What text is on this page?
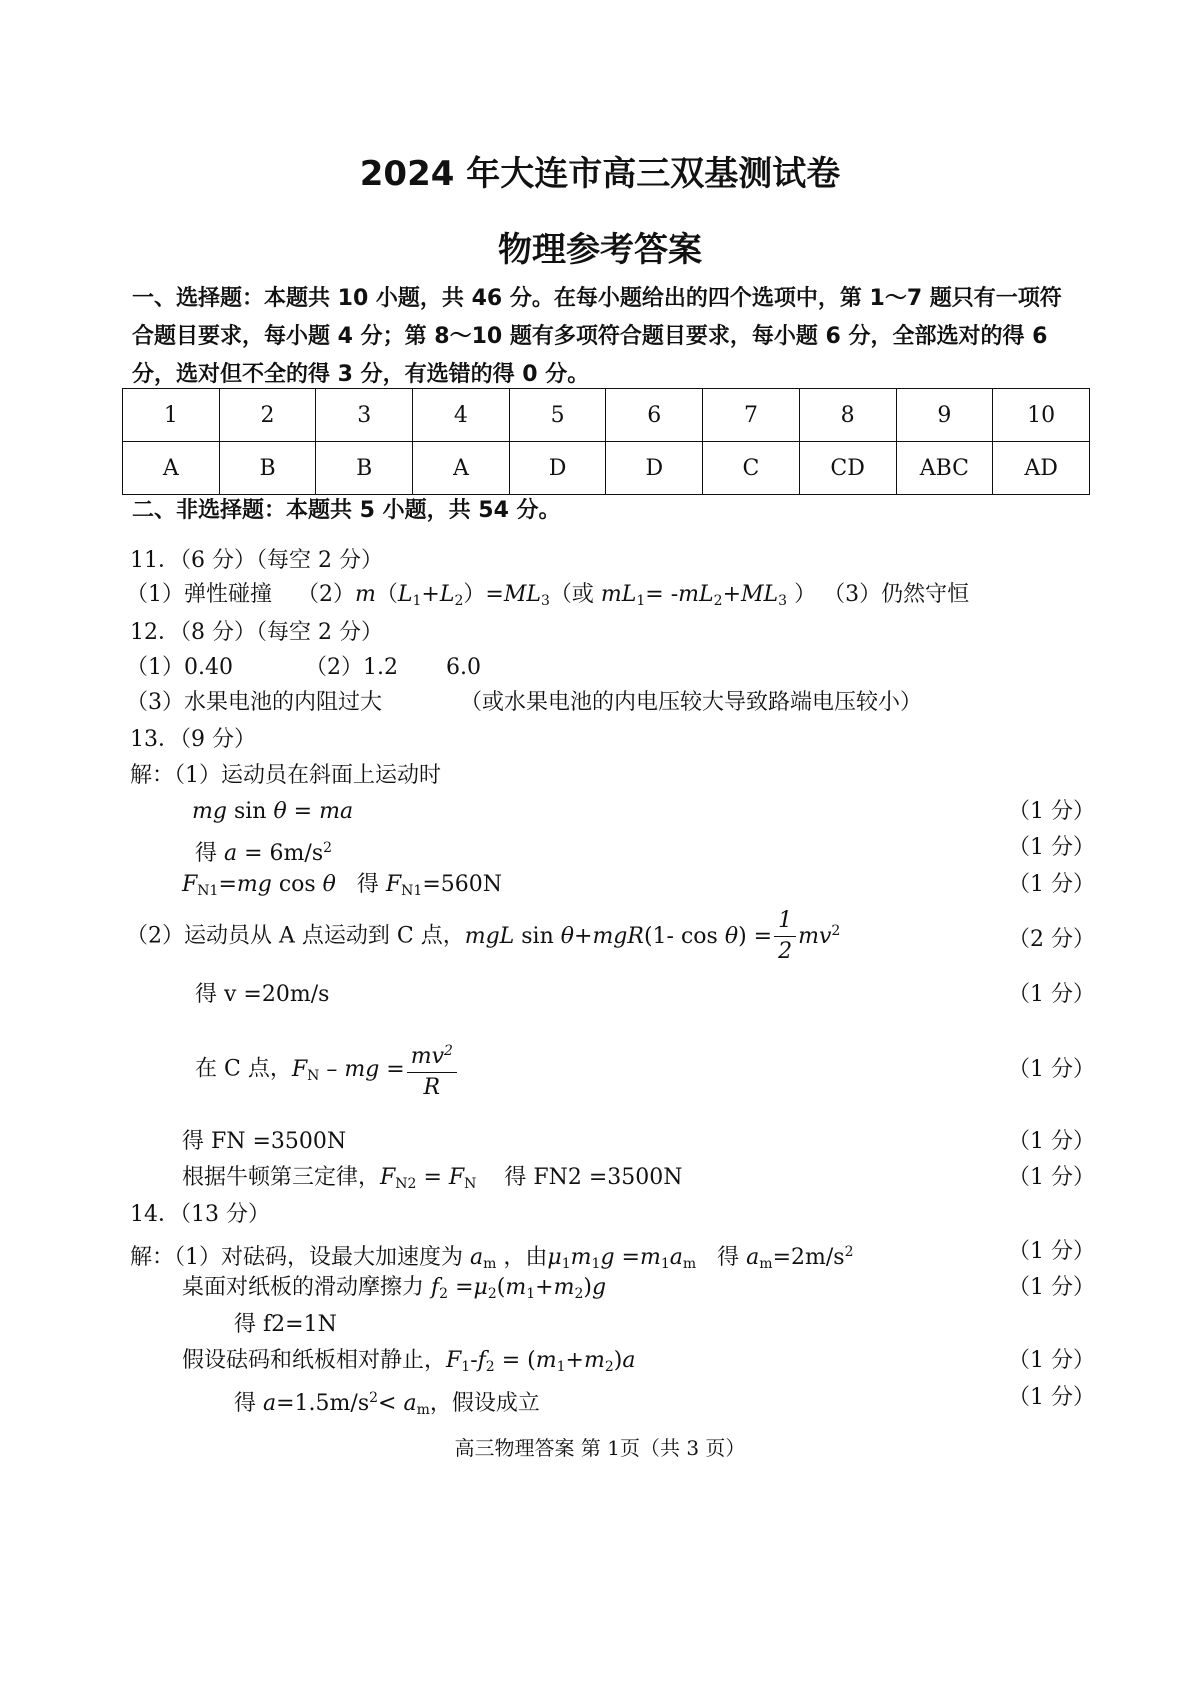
2024 年大连市高三双基测试卷
物理参考答案
一、选择题：本题共 10 小题，共 46 分。在每小题给出的四个选项中，第 1～7 题只有一项符合题目要求，每小题 4 分；第 8～10 题有多项符合题目要求，每小题 6 分，全部选对的得 6 分，选对但不全的得 3 分，有选错的得 0 分。
1	2	3	4	5	6	7	8	9	10
A	B	B	A	D	D	C	CD	ABC	AD
二、非选择题：本题共 5 小题，共 54 分。
11．（6 分）（每空 2 分）
（1）弹性碰撞 $(2)m(L_1+L_2)=ML_3$（或 $mL_1= -mL_2+ML_3$ ） （3）仍然守恒
12．（8 分）（每空 2 分）
（1）0.40	（2）1.2 6.0
（3）水果电池的内阻过大	（或水果电池的内电压较大导致路端电压较小）
13．（9 分）
解：（1）运动员在斜面上运动时
mg sin θ = ma	（1 分）
得 $a = 6m/s^2$	（1 分）
$F_{N1}=mg$ cos θ   得 $F_{N1}=560N$	（1 分）
（2）运动员从 A 点运动到 C 点，mgL sin θ+mgR(1- $\cos \theta) = \frac{1}{2} mv^2$	（2 分）
得 v =20m/s	（1 分）
在 C 点，$F_N$ – mg = $\frac{mv^2}{R}$	（1 分）
得 FN =3500N	（1 分）
根据牛顿第三定律，$F_{N2} = F_N$ 得 FN2 =3500N	（1 分）
14．（13 分）
解：（1）对砝码，设最大加速度为 $a_m$ ，由$\mu_1m_1g =m_1a_m$   得 $a_m=2m/s^2$	（1 分）
桌面对纸板的滑动摩擦力 $f_2 =\mu_2(m_1+m_2)g$	（1 分）
得 f2=1N
假设砝码和纸板相对静止，$F_1-f_2 = (m_1+m_2)a$	（1 分）
得 $a=1.5m/s^2< a_m$，假设成立	（1 分）
高三物理答案 第 1页（共 3 页）
